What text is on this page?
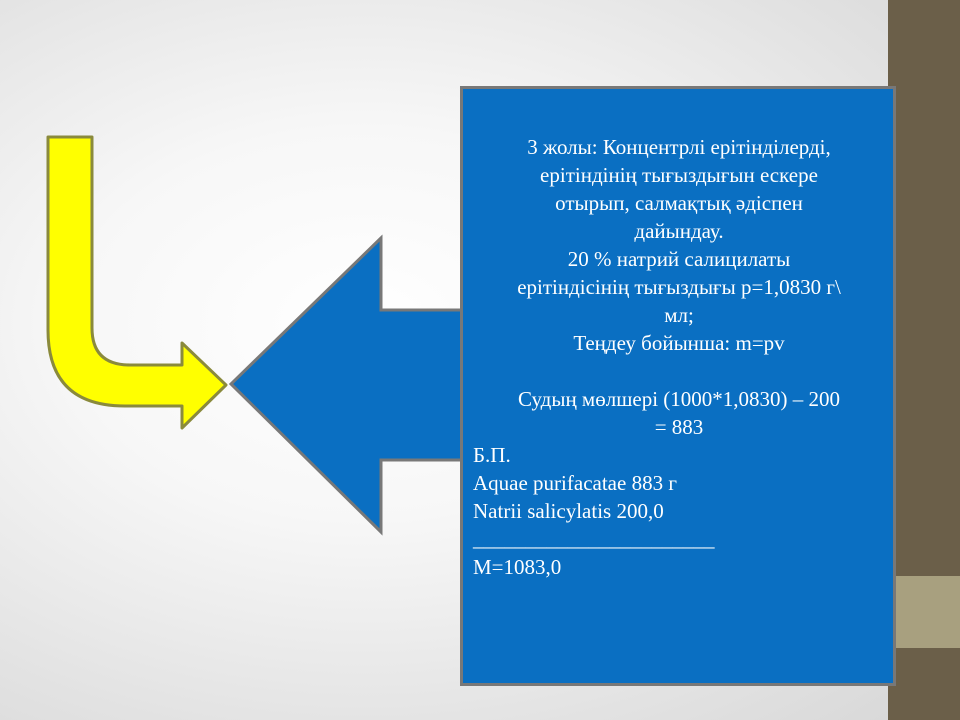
3 жолы: Концентрлі ерітінділерді,
ерітіндінің тығыздығын ескере
отырып, салмақтық әдіспен
дайындау.
20 % натрий салицилаты
ерітіндісінің тығыздығы p=1,0830 г\
мл;
Теңдеу бойынша: m=pv
Судың мөлшері (1000*1,0830) – 200
= 883
Б.П.
Aquae purifacatae 883 г
Natrii salicylatis 200,0
_______________________
M=1083,0
